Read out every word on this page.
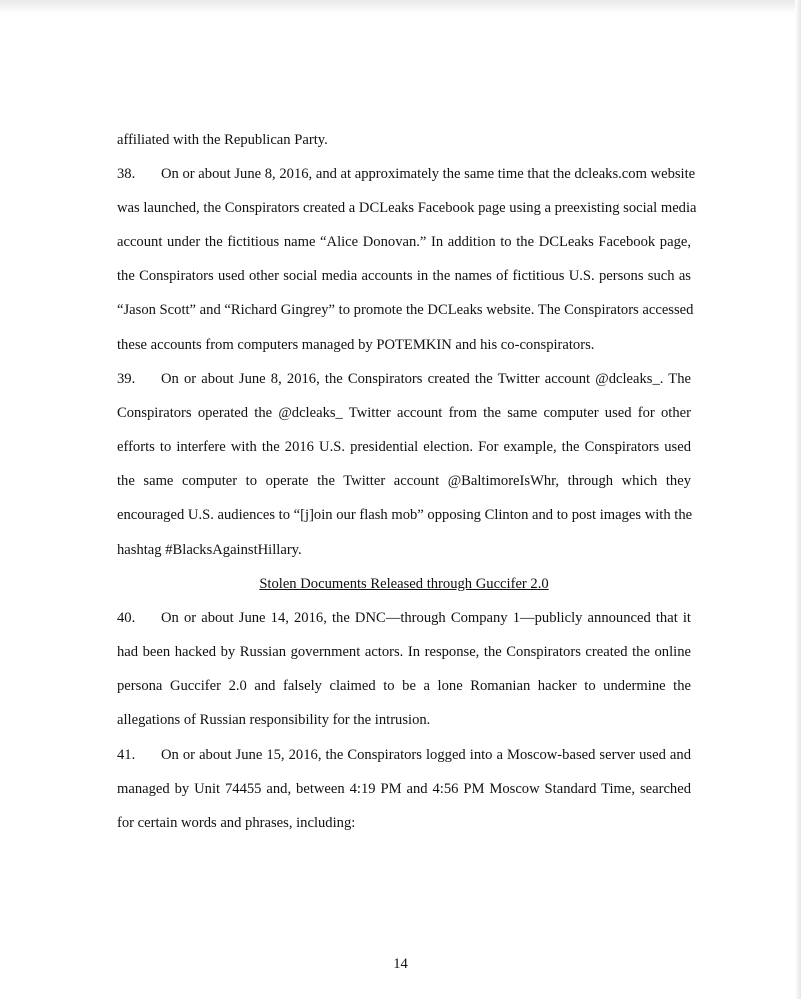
affiliated with the Republican Party.
38. On or about June 8, 2016, and at approximately the same time that the dcleaks.com website
was launched, the Conspirators created a DCLeaks Facebook page using a preexisting social media
account under the fictitious name “Alice Donovan.” In addition to the DCLeaks Facebook page,
the Conspirators used other social media accounts in the names of fictitious U.S. persons such as
“Jason Scott” and “Richard Gingrey” to promote the DCLeaks website. The Conspirators accessed
these accounts from computers managed by POTEMKIN and his co-conspirators.
39. On or about June 8, 2016, the Conspirators created the Twitter account @dcleaks_. The
Conspirators operated the @dcleaks_ Twitter account from the same computer used for other
efforts to interfere with the 2016 U.S. presidential election. For example, the Conspirators used
the same computer to operate the Twitter account @BaltimoreIsWhr, through which they
encouraged U.S. audiences to “[j]oin our flash mob” opposing Clinton and to post images with the
hashtag #BlacksAgainstHillary.
Stolen Documents Released through Guccifer 2.0
40. On or about June 14, 2016, the DNC—through Company 1—publicly announced that it
had been hacked by Russian government actors. In response, the Conspirators created the online
persona Guccifer 2.0 and falsely claimed to be a lone Romanian hacker to undermine the
allegations of Russian responsibility for the intrusion.
41. On or about June 15, 2016, the Conspirators logged into a Moscow-based server used and
managed by Unit 74455 and, between 4:19 PM and 4:56 PM Moscow Standard Time, searched
for certain words and phrases, including:
14
